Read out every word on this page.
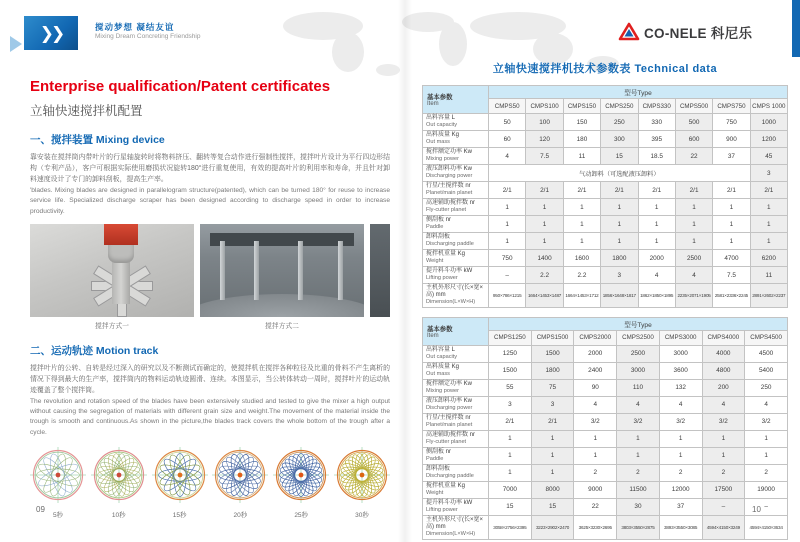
❯❯	搅动梦想 凝结友谊
Mixing Dream Concreting Friendship	CO-NELE 科尼乐
Enterprise qualification/Patent certificates
立轴快速搅拌机配置
一、搅拌装置 Mixing device
靠安装在搅拌筒内带叶片的行星轴旋转时将物料挤压、翻转等复合动作进行强制性搅拌，搅拌叶片设计为平行四边形结构（专利产品），客户可根据实际使用磨损状况旋转180°进行重复使用，有效的提高叶片的利用率和寿命，并且针对卸料速度设计了专门的卸料刮板，提高生产率。
'blades. Mixing blades are designed in parallelogram structure(patented), which can be turned 180° for reuse to increase service life. Specialized discharge scraper has been designed according to discharge speed in order to increase productivity.
搅拌方式一	搅拌方式二
二、运动轨迹 Motion track
搅拌叶片的公转、自转是经过深入的研究以及不断测试而确定的，使搅拌机在搅拌各种粒径及比重的骨料不产生离析的情况下得到最大的生产率，搅拌筒内的物料运动轨迹圆滑、连续。本图显示，当公转体转动一周时，搅拌叶片的运动轨迹覆盖了整个搅拌筒。
The revolution and rotation speed of the blades have been extensively studied and tested to give the mixer a high output without causing the segregation of materials with different grain size and weight.The movement of the material inside the trough is smooth and continuous.As shown in the picture,the blades track covers the whole bottom of the trough after a cycle.
5秒	10秒	15秒	20秒	25秒	30秒
立轴快速搅拌机技术参数表 Technical data
基本参数
Item	型号Type							
	CMPS50	CMPS100	CMPS150	CMPS250	CMPS330	CMPS500	CMPS750	CMPS 1000

出料容量 L
Out capacity	50	100	150	250	330	500	750	1000

出料质量 Kg
Out mass	60	120	180	300	395	600	900	1200

搅拌额定功率 Kw
Mixing power	4	7.5	11	15	18.5	22	37	45

液压卸料功率 Kw
Discharging power	气动卸料（可选配液压卸料）							3

行星/主搅拌数 nr
Planet/main planet	2/1	2/1	2/1	2/1	2/1	2/1	2/1	2/1

高速辅助搅拌数 nr
Fly-cutter planet	1	1	1	1	1	1	1	1

侧刮板 nr
Paddle	1	1	1	1	1	1	1	1

卸料刮板
Discharging paddle	1	1	1	1	1	1	1	1

搅拌机重量 Kg
Weight	750	1400	1600	1800	2000	2500	4700	6200

提升料斗功率 kW
Lifting power	–	2.2	2.2	3	4	4	7.5	11

主机外形尺寸(长×宽×高) mm
Dimension(L×W×H)	950×786×1215	1664×1453×1487	1664×1453×1712	1856×1648×1817	1862×1850×1895	2235×2071×1905	2581×2336×2245	2891×2602×2237
基本参数
Item	型号Type						
	CMPS1250	CMPS1500	CMPS2000	CMPS2500	CMPS3000	CMPS4000	CMPS4500

出料容量 L
Out capacity	1250	1500	2000	2500	3000	4000	4500

出料质量 Kg
Out mass	1500	1800	2400	3000	3600	4800	5400

搅拌额定功率 Kw
Mixing power	55	75	90	110	132	200	250

液压卸料功率 Kw
Discharging power	3	3	4	4	4	4	4

行星/主搅拌数 nr
Planet/main planet	2/1	2/1	3/2	3/2	3/2	3/2	3/2

高速辅助搅拌数 nr
Fly-cutter planet	1	1	1	1	1	1	1

侧刮板 nr
Paddle	1	1	1	1	1	1	1

卸料刮板
Discharging paddle	1	1	2	2	2	2	2

搅拌机重量 Kg
Weight	7000	8000	9000	11500	12000	17500	19000

提升料斗功率 kW
Lifting power	15	15	22	30	37	–	–

主机外形尺寸(长×宽×高) mm
Dimension(L×W×H)	3058×2756×2395	3223×2902×2470	3625×3230×2695	3803×3550×2875	3893×3550×3085	4594×4150×3249	4594×4150×3634
09	10
